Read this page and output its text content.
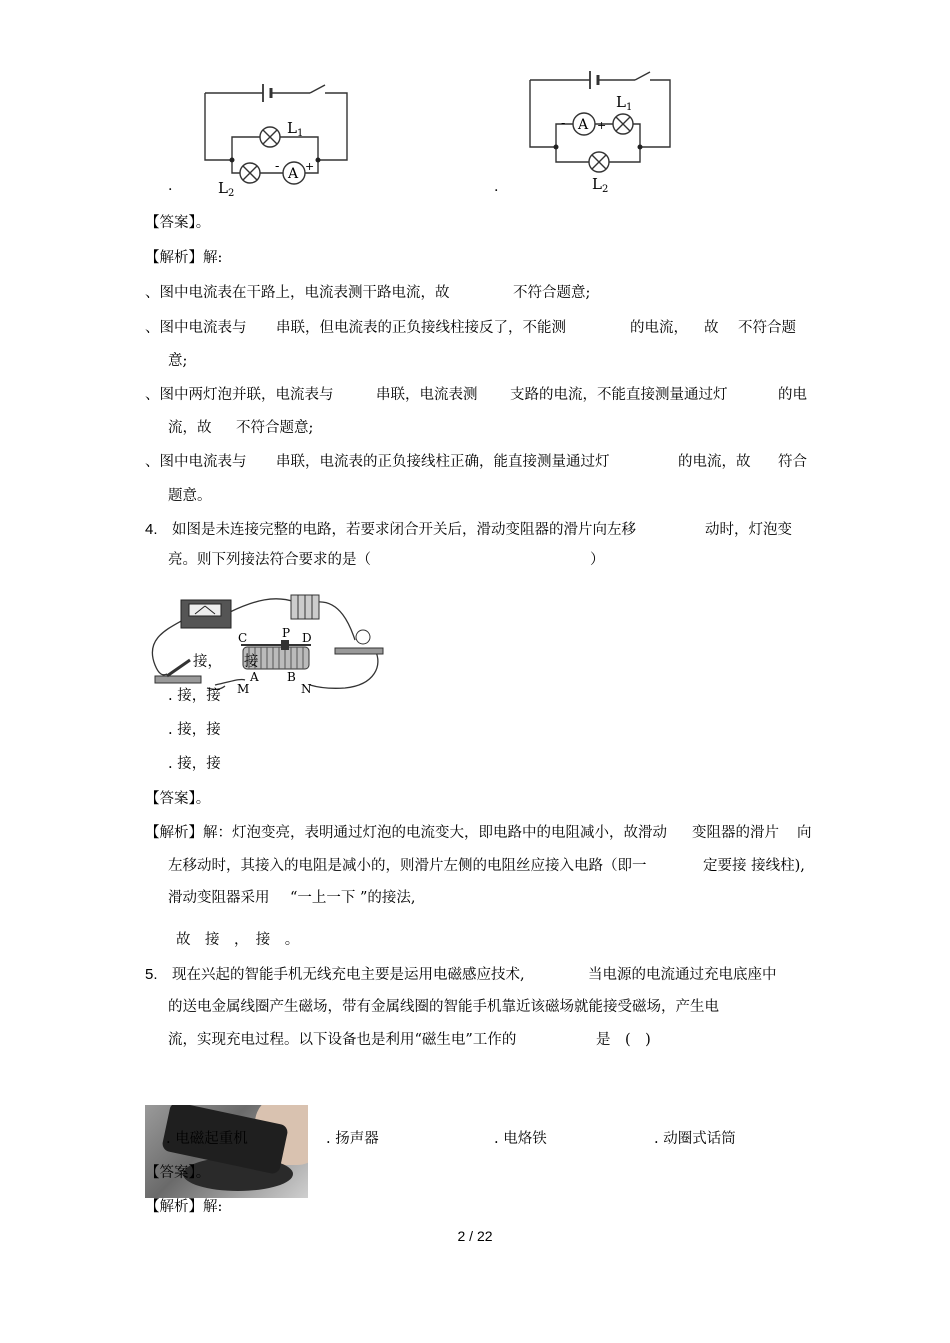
$L_1$
$L_2$
A
- +
.
A
-	+
$L_1$
$L_2$
.
【答案】。
【解析】解:
、图中电流表在干路上，电流表测干路电流，故	不符合题意;
、图中电流表与 串联，但电流表的正负接线柱接反了，不能测	的电流， 故 不符合题
意;
、图中两灯泡并联，电流表与	串联，电流表测 支路的电流，不能直接测量通过灯	的电
流，故 不符合题意;
、图中电流表与 串联，电流表的正负接线柱正确，能直接测量通过灯	的电流，故 符合
题意。
4. 如图是未连接完整的电路，若要求闭合开关后，滑动变阻器的滑片向左移	动时，灯泡变
亮。则下列接法符合要求的是（	）
C	P D
A B
M	N
接， 接
. 接，接
. 接，接
. 接，接
【答案】。
【解析】解：灯泡变亮，表明通过灯泡的电流变大，即电路中的电阻减小，故滑动 变阻器的滑片 向
左移动时，其接入的电阻是减小的，则滑片左侧的电阻丝应接入电路（即一	定要接 接线柱),
滑动变阻器采用 “一上一下 ”的接法,
故　接　，　接　。
5. 现在兴起的智能手机无线充电主要是运用电磁感应技术,	当电源的电流通过充电底座中
的送电金属线圈产生磁场，带有金属线圈的智能手机靠近该磁场就能接受磁场，产生电
流，实现充电过程。以下设备也是利用“磁生电”工作的	是　(　)
. 电磁起重机	. 扬声器	. 电烙铁	. 动圈式话筒
【答案】。
【解析】解:
2 / 22
